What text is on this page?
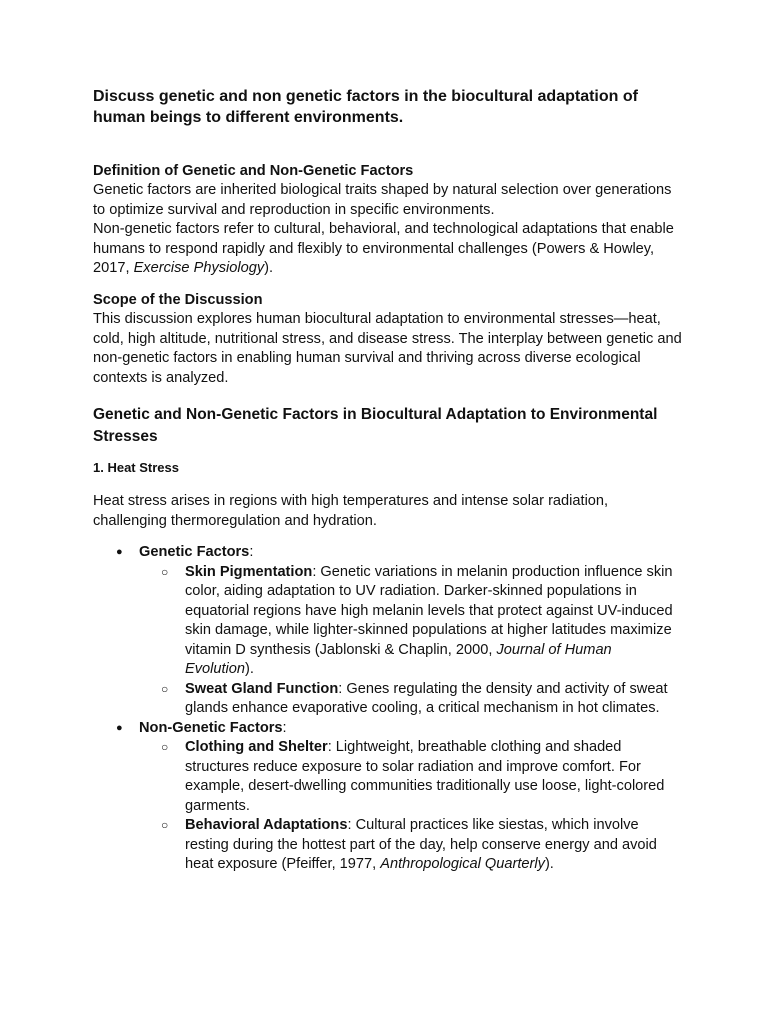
Discuss genetic and non genetic factors in the biocultural adaptation of human beings to different environments.
Definition of Genetic and Non-Genetic Factors

Genetic factors are inherited biological traits shaped by natural selection over generations to optimize survival and reproduction in specific environments.

Non-genetic factors refer to cultural, behavioral, and technological adaptations that enable humans to respond rapidly and flexibly to environmental challenges (Powers & Howley, 2017, Exercise Physiology).

Scope of the Discussion

This discussion explores human biocultural adaptation to environmental stresses—heat, cold, high altitude, nutritional stress, and disease stress. The interplay between genetic and non-genetic factors in enabling human survival and thriving across diverse ecological contexts is analyzed.

Genetic and Non-Genetic Factors in Biocultural Adaptation to Environmental Stresses
1. Heat Stress

Heat stress arises in regions with high temperatures and intense solar radiation, challenging thermoregulation and hydration.

● Genetic Factors:
○ Skin Pigmentation: Genetic variations in melanin production influence skin color, aiding adaptation to UV radiation. Darker-skinned populations in equatorial regions have high melanin levels that protect against UV-induced skin damage, while lighter-skinned populations at higher latitudes maximize vitamin D synthesis (Jablonski & Chaplin, 2000, Journal of Human Evolution).
○ Sweat Gland Function: Genes regulating the density and activity of sweat glands enhance evaporative cooling, a critical mechanism in hot climates.
● Non-Genetic Factors:
○ Clothing and Shelter: Lightweight, breathable clothing and shaded structures reduce exposure to solar radiation and improve comfort. For example, desert-dwelling communities traditionally use loose, light-colored garments.
○ Behavioral Adaptations: Cultural practices like siestas, which involve resting during the hottest part of the day, help conserve energy and avoid heat exposure (Pfeiffer, 1977, Anthropological Quarterly).
